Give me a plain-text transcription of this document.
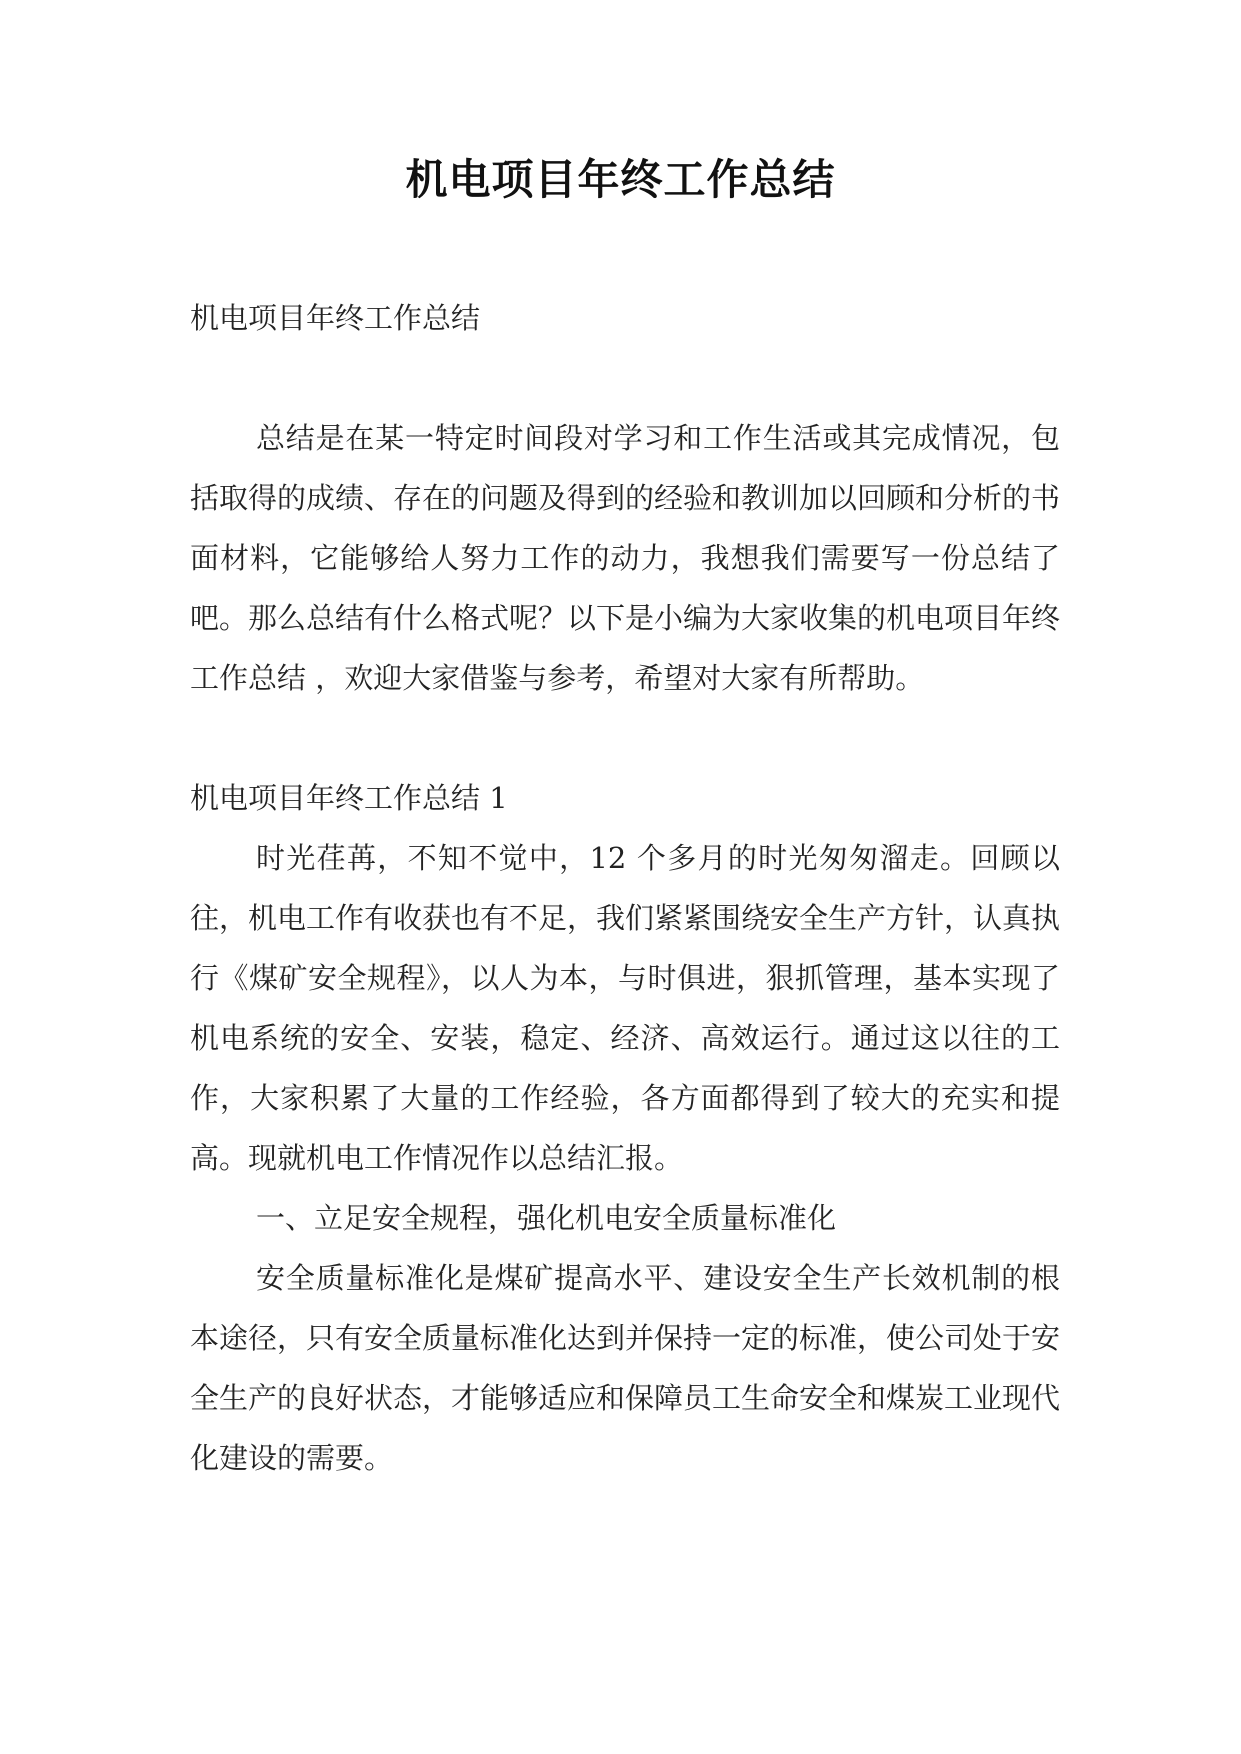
机电项目年终工作总结

机电项目年终工作总结

总结是在某一特定时间段对学习和工作生活或其完成情况，包括取得的成绩、存在的问题及得到的经验和教训加以回顾和分析的书面材料，它能够给人努力工作的动力，我想我们需要写一份总结了吧。那么总结有什么格式呢？以下是小编为大家收集的机电项目年终工作总结 ，欢迎大家借鉴与参考，希望对大家有所帮助。

机电项目年终工作总结 1

时光荏苒，不知不觉中，12 个多月的时光匆匆溜走。回顾以往，机电工作有收获也有不足，我们紧紧围绕安全生产方针，认真执行《煤矿安全规程》，以人为本，与时俱进，狠抓管理，基本实现了机电系统的安全、安装，稳定、经济、高效运行。通过这以往的工作，大家积累了大量的工作经验，各方面都得到了较大的充实和提高。现就机电工作情况作以总结汇报。

一、立足安全规程，强化机电安全质量标准化

安全质量标准化是煤矿提高水平、建设安全生产长效机制的根本途径，只有安全质量标准化达到并保持一定的标准，使公司处于安全生产的良好状态，才能够适应和保障员工生命安全和煤炭工业现代化建设的需要。
